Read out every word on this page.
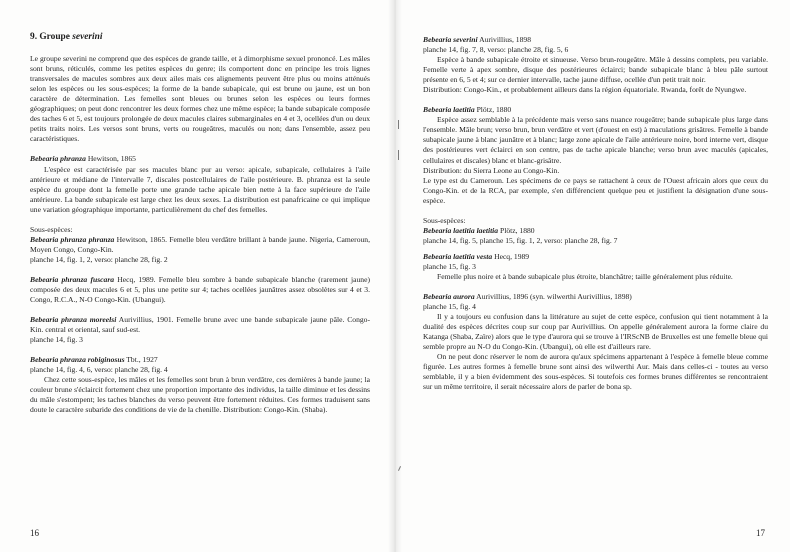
9. Groupe severini

Le groupe severini ne comprend que des espèces de grande taille, et à dimorphisme sexuel prononcé. Les mâles sont bruns, réticulés, comme les petites espèces du genre; ils comportent donc en principe les trois lignes transversales de macules sombres aux deux ailes mais ces alignements peuvent être plus ou moins atténués selon les espèces ou les sous-espèces; la forme de la bande subapicale, qui est brune ou jaune, est un bon caractère de détermination. Les femelles sont bleues ou brunes selon les espèces ou leurs formes géographiques; on peut donc rencontrer les deux formes chez une même espèce; la bande subapicale composée des taches 6 et 5, est toujours prolongée de deux macules claires submarginales en 4 et 3, ocellées d'un ou deux petits traits noirs. Les versos sont bruns, verts ou rougeâtres, maculés ou non; dans l'ensemble, assez peu caractéristiques.

Bebearia phranza Hewitson, 1865

L'espèce est caractérisée par ses macules blanc pur au verso: apicale, subapicale, cellulaires à l'aile antérieure et médiane de l'intervalle 7, discales postcellulaires de l'aile postérieure. B. phranza est la seule espèce du groupe dont la femelle porte une grande tache apicale bien nette à la face supérieure de l'aile antérieure. La bande subapicale est large chez les deux sexes. La distribution est panafricaine ce qui implique une variation géographique importante, particulièrement du chef des femelles.

Sous-espèces:

Bebearia phranza phranza Hewitson, 1865. Femelle bleu verdâtre brillant à bande jaune. Nigeria, Cameroun, Moyen Congo, Congo-Kin.

planche 14, fig. 1, 2, verso: planche 28, fig. 2

Bebearia phranza fuscara Hecq, 1989. Femelle bleu sombre à bande subapicale blanche (rarement jaune) composée des deux macules 6 et 5, plus une petite sur 4; taches ocellées jaunâtres assez obsolètes sur 4 et 3. Congo, R.C.A., N-O Congo-Kin. (Ubangui).

Bebearia phranza moreelsi Aurivillius, 1901. Femelle brune avec une bande subapicale jaune pâle. Congo-Kin. central et oriental, sauf sud-est.

planche 14, fig. 3

Bebearia phranza robiginosus Tbt., 1927

planche 14, fig. 4, 6, verso: planche 28, fig. 4

Chez cette sous-espèce, les mâles et les femelles sont brun à brun verdâtre, ces dernières à bande jaune; la couleur brune s'éclaircit fortement chez une proportion importante des individus, la taille diminue et les dessins du mâle s'estompent; les taches blanches du verso peuvent être fortement réduites. Ces formes traduisent sans doute le caractère subaride des conditions de vie de la chenille. Distribution: Congo-Kin. (Shaba).

16

Bebearia severini Aurivillius, 1898

planche 14, fig. 7, 8, verso: planche 28, fig. 5, 6

Espèce à bande subapicale étroite et sinueuse. Verso brun-rougeâtre. Mâle à dessins complets, peu variable. Femelle verte à apex sombre, disque des postérieures éclairci; bande subapicale blanc à bleu pâle surtout présente en 6, 5 et 4; sur ce dernier intervalle, tache jaune diffuse, ocellée d'un petit trait noir.

Distribution: Congo-Kin., et probablement ailleurs dans la région équatoriale. Rwanda, forêt de Nyungwe.

Bebearia laetitia Plötz, 1880

Espèce assez semblable à la précédente mais verso sans nuance rougeâtre; bande subapicale plus large dans l'ensemble. Mâle brun; verso brun, brun verdâtre et vert (d'ouest en est) à maculations grisâtres. Femelle à bande subapicale jaune à blanc jaunâtre et à blanc; large zone apicale de l'aile antérieure noire, bord interne vert, disque des postérieures vert éclairci en son centre, pas de tache apicale blanche; verso brun avec maculés (apicales, cellulaires et discales) blanc et blanc-grisâtre.

Distribution: du Sierra Leone au Congo-Kin.

Le type est du Cameroun. Les spécimens de ce pays se rattachent à ceux de l'Ouest africain alors que ceux du Congo-Kin. et de la RCA, par exemple, s'en différencient quelque peu et justifient la désignation d'une sous-espèce.

Sous-espèces:

Bebearia laetitia laetitia Plötz, 1880

planche 14, fig. 5, planche 15, fig. 1, 2, verso: planche 28, fig. 7

Bebearia laetitia vesta Hecq, 1989

planche 15, fig. 3

Femelle plus noire et à bande subapicale plus étroite, blanchâtre; taille généralement plus réduite.

Bebearia aurora Aurivillius, 1896 (syn. wilwerthi Aurivillius, 1898)

planche 15, fig. 4

Il y a toujours eu confusion dans la littérature au sujet de cette espèce, confusion qui tient notamment à la dualité des espèces décrites coup sur coup par Aurivillius. On appelle généralement aurora la forme claire du Katanga (Shaba, Zaïre) alors que le type d'aurora qui se trouve à l'IRScNB de Bruxelles est une femelle bleue qui semble propre au N-O du Congo-Kin. (Ubangui), où elle est d'ailleurs rare.

On ne peut donc réserver le nom de aurora qu'aux spécimens appartenant à l'espèce à femelle bleue comme figurée. Les autres formes à femelle brune sont ainsi des wilwerthi Aur. Mais dans celles-ci - toutes au verso semblable, il y a bien évidemment des sous-espèces. Si toutefois ces formes brunes différentes se rencontraient sur un même territoire, il serait nécessaire alors de parler de bona sp.

17
